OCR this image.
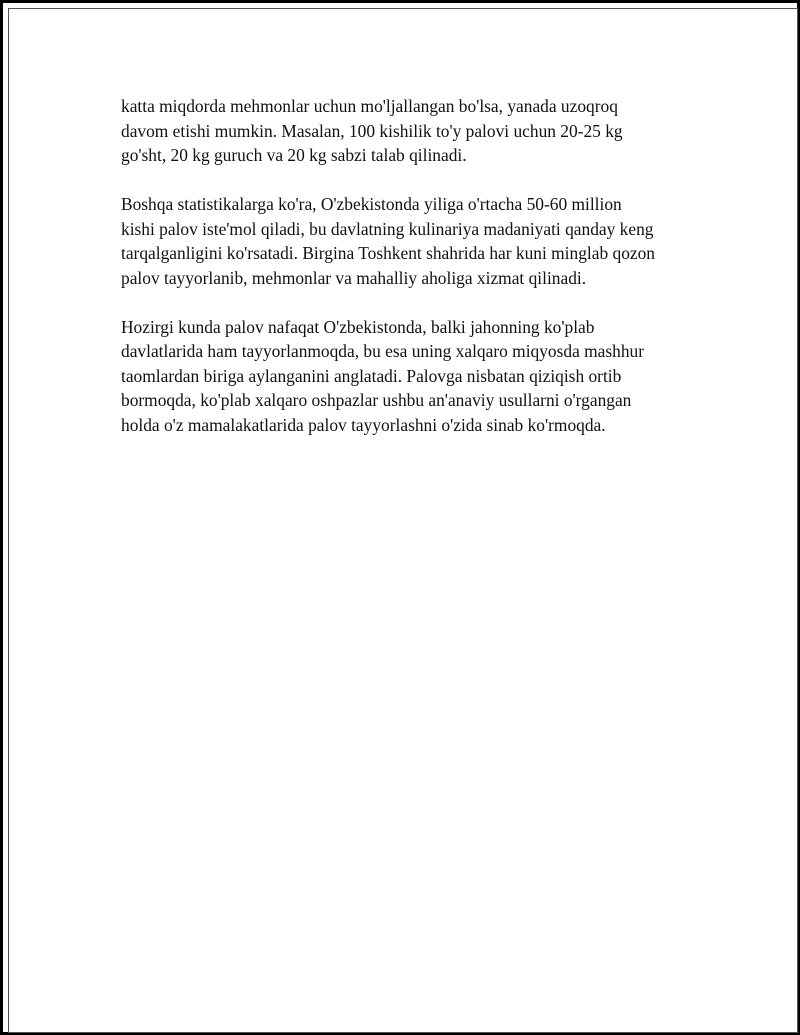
katta miqdorda mehmonlar uchun mo'ljallangan bo'lsa, yanada uzoqroq
davom etishi mumkin. Masalan, 100 kishilik to'y palovi uchun 20-25 kg
go'sht, 20 kg guruch va 20 kg sabzi talab qilinadi.

Boshqa statistikalarga ko'ra, O'zbekistonda yiliga o'rtacha 50-60 million
kishi palov iste'mol qiladi, bu davlatning kulinariya madaniyati qanday keng
tarqalganligini ko'rsatadi. Birgina Toshkent shahrida har kuni minglab qozon
palov tayyorlanib, mehmonlar va mahalliy aholiga xizmat qilinadi.

Hozirgi kunda palov nafaqat O'zbekistonda, balki jahonning ko'plab
davlatlarida ham tayyorlanmoqda, bu esa uning xalqaro miqyosda mashhur
taomlardan biriga aylanganini anglatadi. Palovga nisbatan qiziqish ortib
bormoqda, ko'plab xalqaro oshpazlar ushbu an'anaviy usullarni o'rgangan
holda o'z mamalakatlarida palov tayyorlashni o'zida sinab ko'rmoqda.
